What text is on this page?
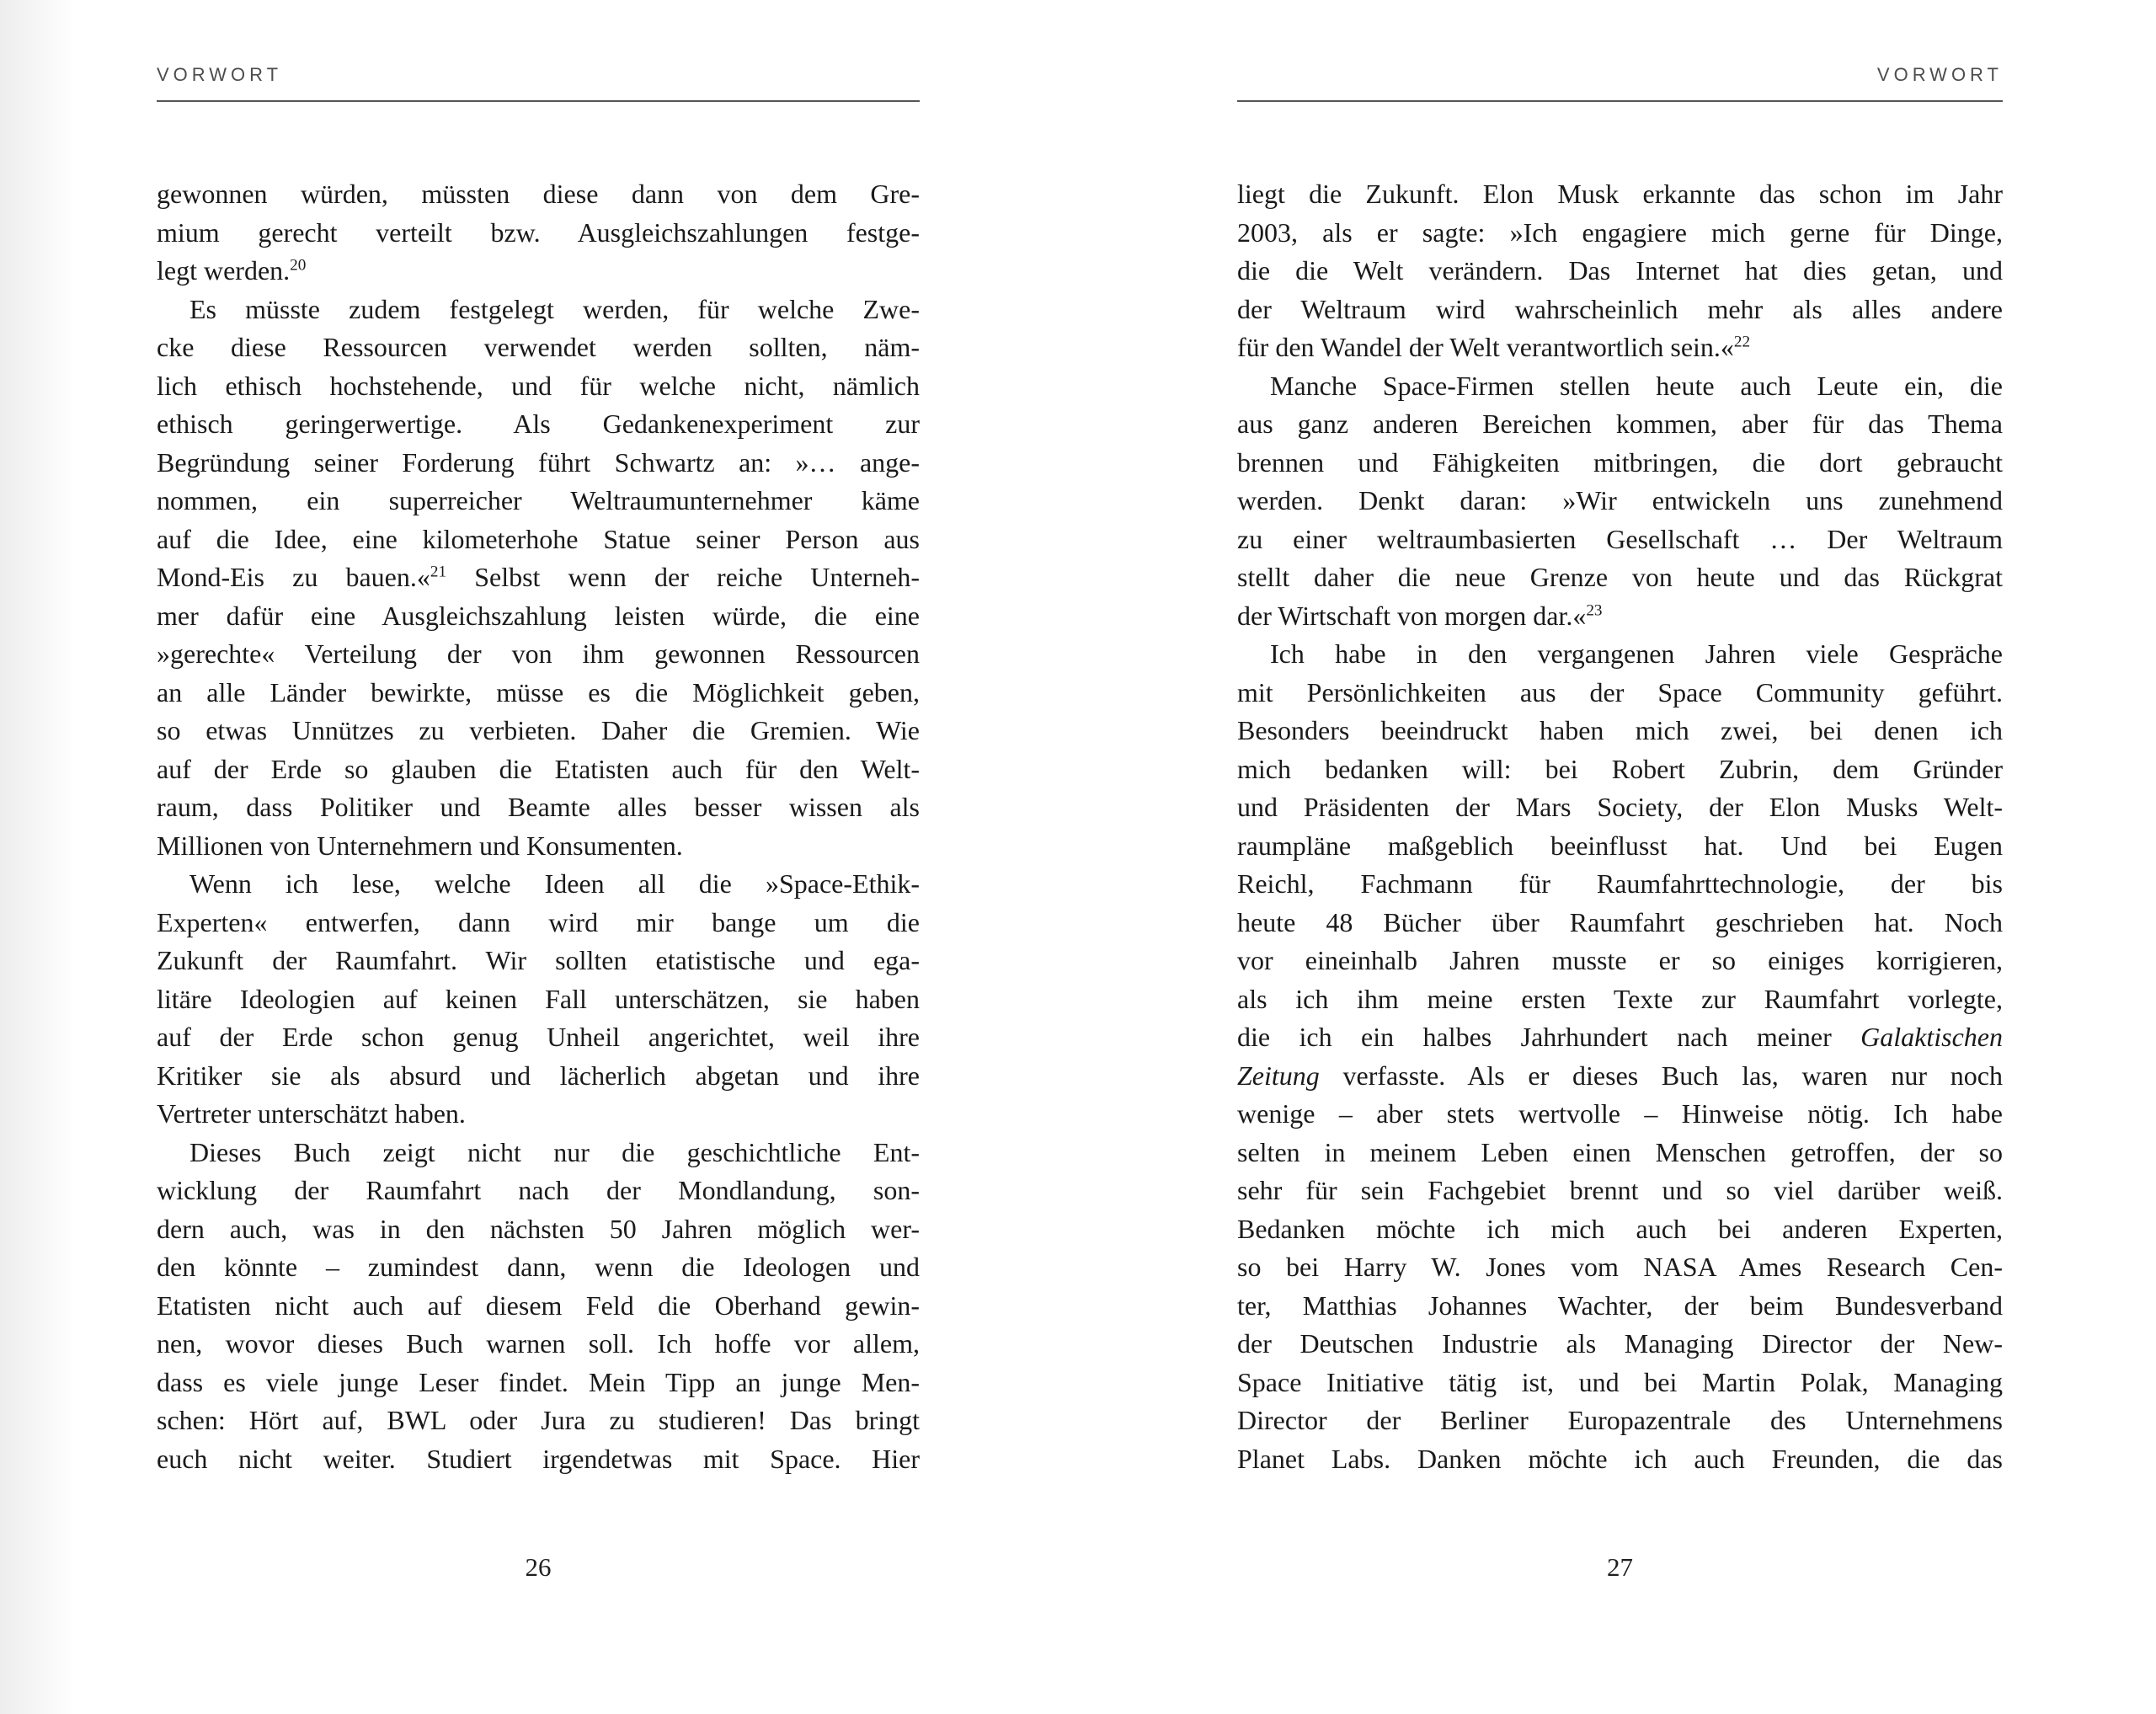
VORWORT
gewonnen würden, müssten diese dann von dem Gre-
mium gerecht verteilt bzw. Ausgleichszahlungen festge-
legt werden.$^{20}$
Es müsste zudem festgelegt werden, für welche Zwe-
cke diese Ressourcen verwendet werden sollten, näm-
lich ethisch hochstehende, und für welche nicht, nämlich
ethisch geringerwertige. Als Gedankenexperiment zur
Begründung seiner Forderung führt Schwartz an: »… ange-
nommen, ein superreicher Weltraumunternehmer käme
auf die Idee, eine kilometerhohe Statue seiner Person aus
Mond-Eis zu bauen.«$^{21}$ Selbst wenn der reiche Unterneh-
mer dafür eine Ausgleichszahlung leisten würde, die eine
»gerechte« Verteilung der von ihm gewonnen Ressourcen
an alle Länder bewirkte, müsse es die Möglichkeit geben,
so etwas Unnützes zu verbieten. Daher die Gremien. Wie
auf der Erde so glauben die Etatisten auch für den Welt-
raum, dass Politiker und Beamte alles besser wissen als
Millionen von Unternehmern und Konsumenten.
Wenn ich lese, welche Ideen all die »Space-Ethik-
Experten« entwerfen, dann wird mir bange um die
Zukunft der Raumfahrt. Wir sollten etatistische und ega-
litäre Ideologien auf keinen Fall unterschätzen, sie haben
auf der Erde schon genug Unheil angerichtet, weil ihre
Kritiker sie als absurd und lächerlich abgetan und ihre
Vertreter unterschätzt haben.
Dieses Buch zeigt nicht nur die geschichtliche Ent-
wicklung der Raumfahrt nach der Mondlandung, son-
dern auch, was in den nächsten 50 Jahren möglich wer-
den könnte – zumindest dann, wenn die Ideologen und
Etatisten nicht auch auf diesem Feld die Oberhand gewin-
nen, wovor dieses Buch warnen soll. Ich hoffe vor allem,
dass es viele junge Leser findet. Mein Tipp an junge Men-
schen: Hört auf, BWL oder Jura zu studieren! Das bringt
euch nicht weiter. Studiert irgendetwas mit Space. Hier
26
VORWORT
liegt die Zukunft. Elon Musk erkannte das schon im Jahr
2003, als er sagte: »Ich engagiere mich gerne für Dinge,
die die Welt verändern. Das Internet hat dies getan, und
der Weltraum wird wahrscheinlich mehr als alles andere
für den Wandel der Welt verantwortlich sein.«$^{22}$
Manche Space-Firmen stellen heute auch Leute ein, die
aus ganz anderen Bereichen kommen, aber für das Thema
brennen und Fähigkeiten mitbringen, die dort gebraucht
werden. Denkt daran: »Wir entwickeln uns zunehmend
zu einer weltraumbasierten Gesellschaft … Der Weltraum
stellt daher die neue Grenze von heute und das Rückgrat
der Wirtschaft von morgen dar.«$^{23}$
Ich habe in den vergangenen Jahren viele Gespräche
mit Persönlichkeiten aus der Space Community geführt.
Besonders beeindruckt haben mich zwei, bei denen ich
mich bedanken will: bei Robert Zubrin, dem Gründer
und Präsidenten der Mars Society, der Elon Musks Welt-
raumpläne maßgeblich beeinflusst hat. Und bei Eugen
Reichl, Fachmann für Raumfahrttechnologie, der bis
heute 48 Bücher über Raumfahrt geschrieben hat. Noch
vor eineinhalb Jahren musste er so einiges korrigieren,
als ich ihm meine ersten Texte zur Raumfahrt vorlegte,
die ich ein halbes Jahrhundert nach meiner Galaktischen
Zeitung verfasste. Als er dieses Buch las, waren nur noch
wenige – aber stets wertvolle – Hinweise nötig. Ich habe
selten in meinem Leben einen Menschen getroffen, der so
sehr für sein Fachgebiet brennt und so viel darüber weiß.
Bedanken möchte ich mich auch bei anderen Experten,
so bei Harry W. Jones vom NASA Ames Research Cen-
ter, Matthias Johannes Wachter, der beim Bundesverband
der Deutschen Industrie als Managing Director der New-
Space Initiative tätig ist, und bei Martin Polak, Managing
Director der Berliner Europazentrale des Unternehmens
Planet Labs. Danken möchte ich auch Freunden, die das
27
